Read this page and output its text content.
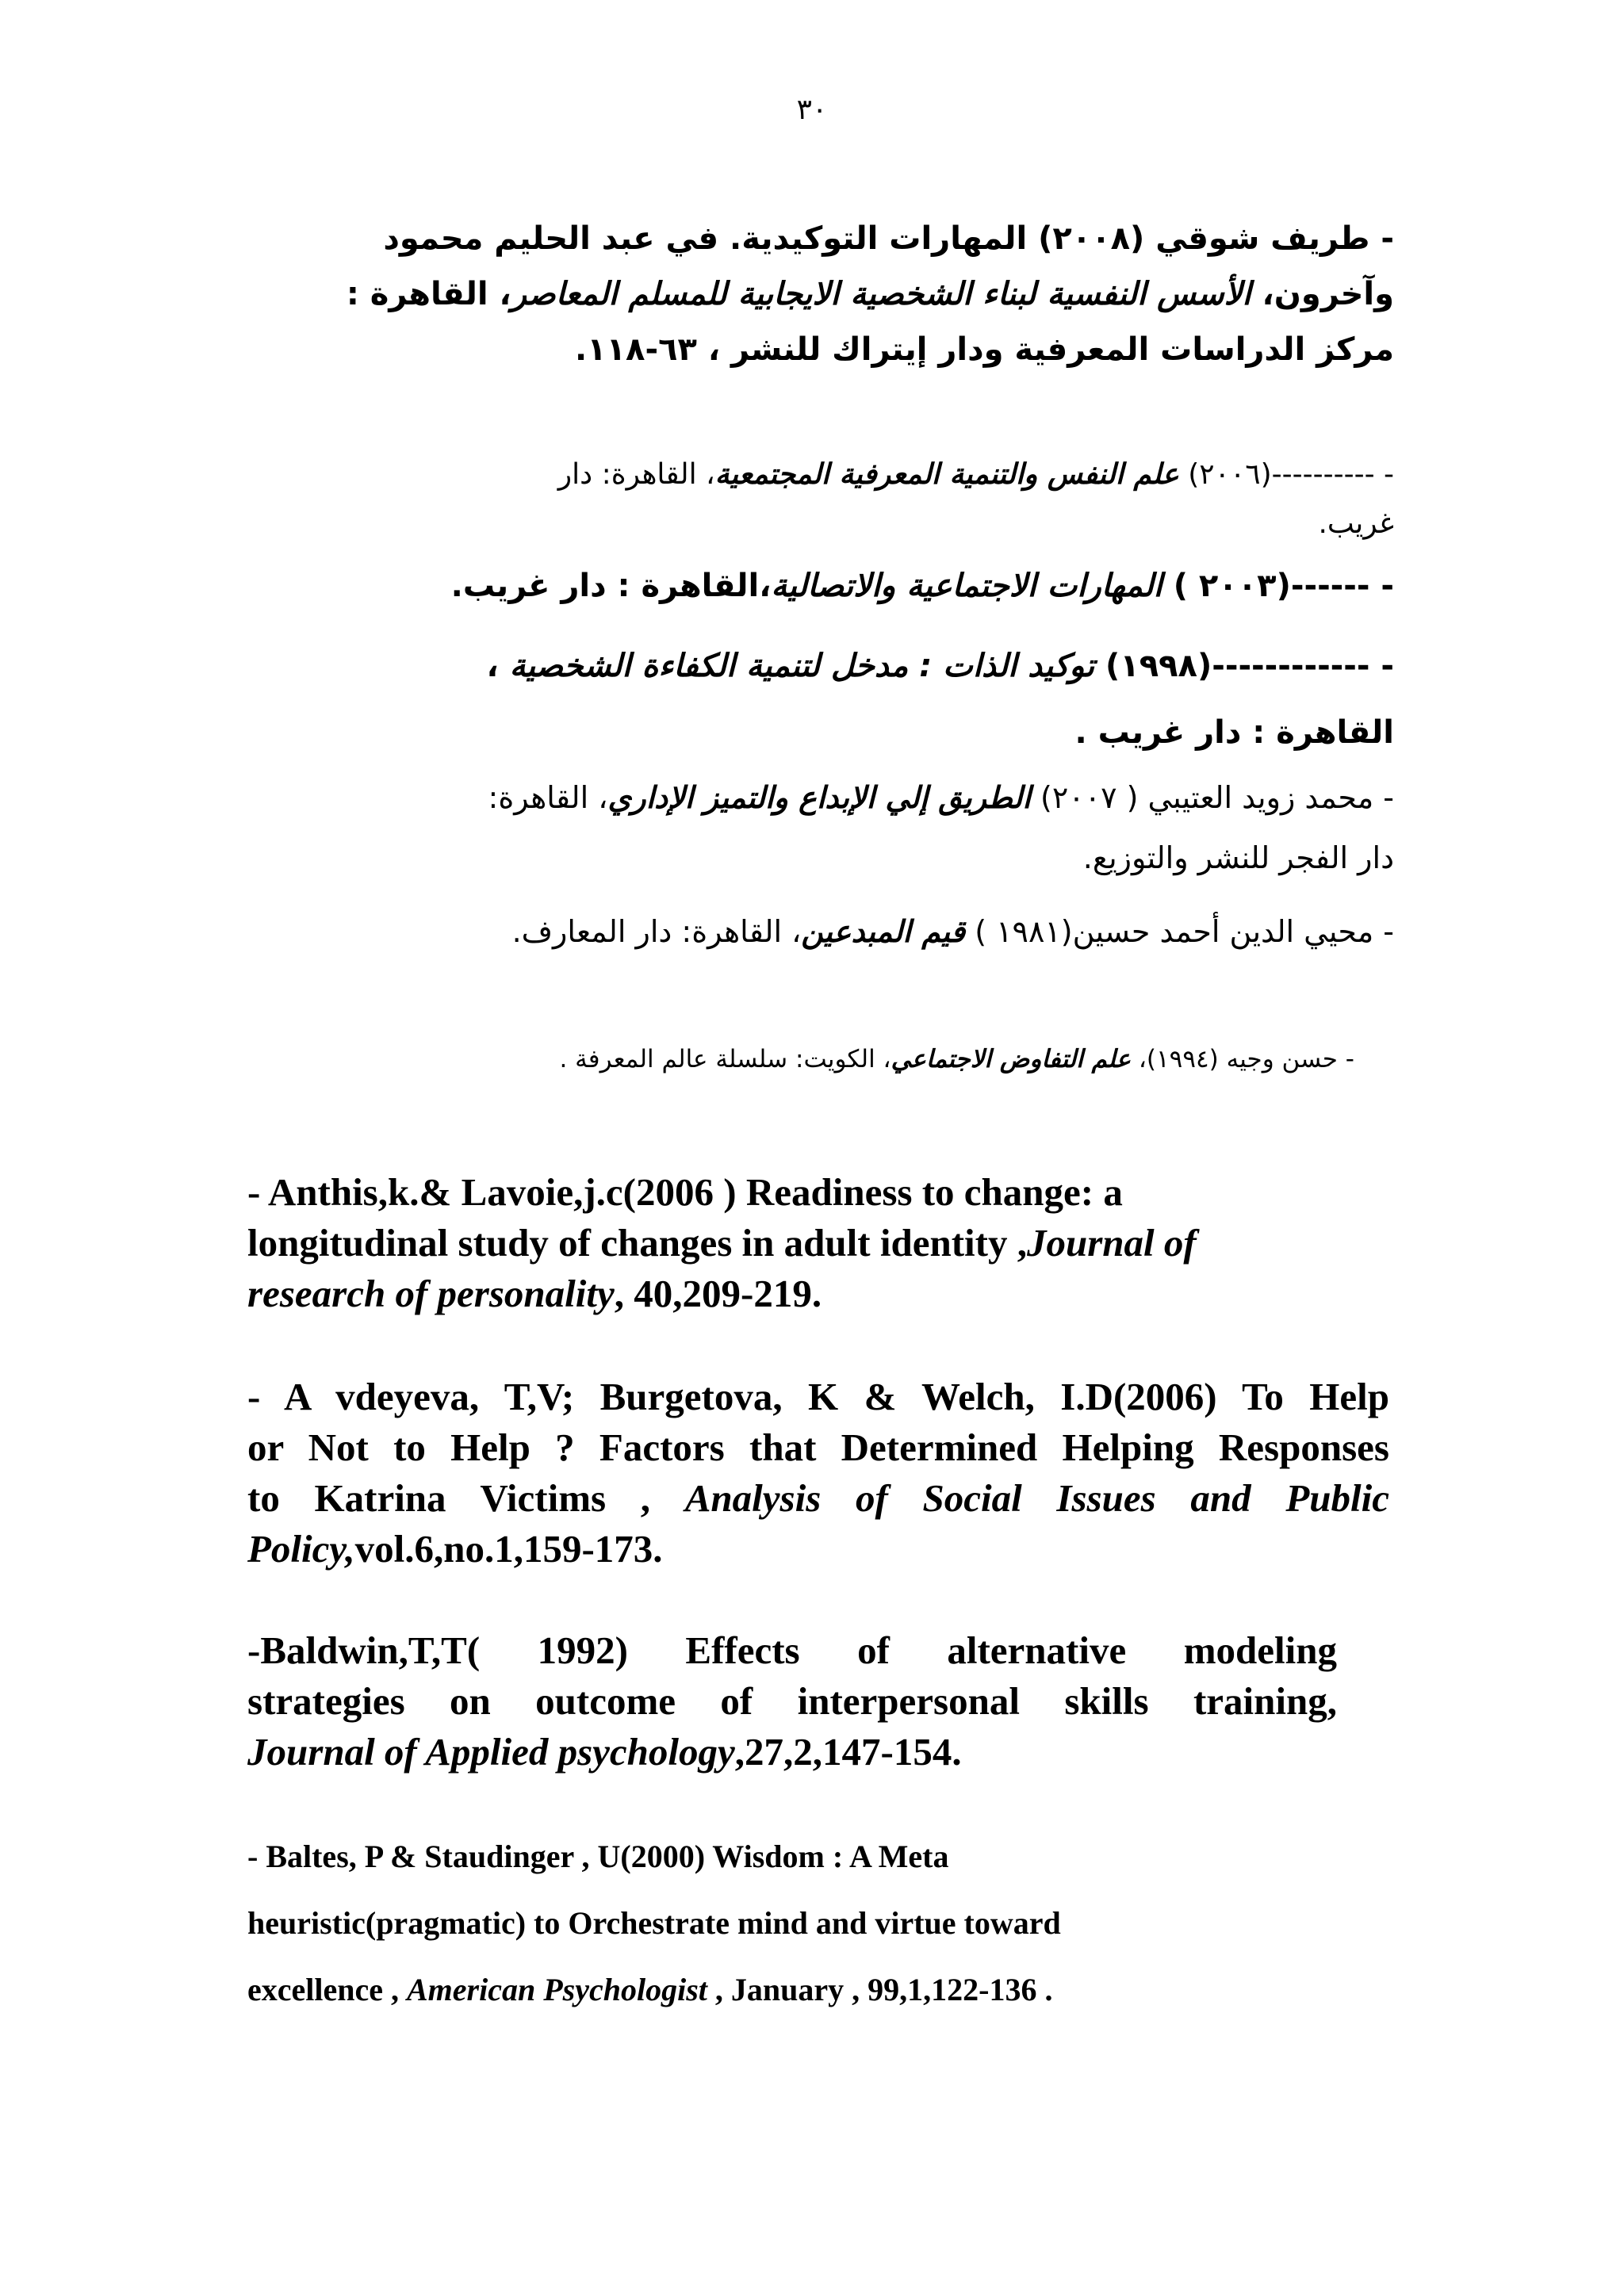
٣٠
- طريف شوقي (٢٠٠٨) المهارات التوكيدية. في عبد الحليم محمود
وآخرون، الأسس النفسية لبناء الشخصية الايجابية للمسلم المعاصر، القاهرة :
مركز الدراسات المعرفية ودار إيتراك للنشر ، ٦٣-١١٨.
- ----------(٢٠٠٦) علم النفس والتنمية المعرفية المجتمعية، القاهرة: دار
غريب.
- ------(٢٠٠٣ ) المهارات الاجتماعية والاتصالية،القاهرة : دار غريب.
- ------------(١٩٩٨) توكيد الذات : مدخل لتنمية الكفاءة الشخصية ،
القاهرة : دار غريب .
- محمد زويد العتيبي ( ٢٠٠٧) الطريق إلي الإبداع والتميز الإداري، القاهرة:
دار الفجر للنشر والتوزيع.
- محيي الدين أحمد حسين(١٩٨١ ) قيم المبدعين، القاهرة: دار المعارف.
- حسن وجيه (١٩٩٤)، علم التفاوض الاجتماعي، الكويت: سلسلة عالم المعرفة .
- Anthis,k.& Lavoie,j.c(2006 ) Readiness to change: a
longitudinal study of changes in adult identity ,Journal of
research of personality, 40,209-219.
- A vdeyeva, T,V; Burgetova, K & Welch, I.D(2006) To Help
or Not to Help ? Factors that Determined Helping Responses
to Katrina Victims , Analysis of Social Issues and Public
Policy,vol.6,no.1,159-173.
-Baldwin,T,T( 1992) Effects of alternative modeling
strategies on outcome of interpersonal skills training,
Journal of Applied psychology,27,2,147-154.
- Baltes, P & Staudinger , U(2000) Wisdom : A Meta
heuristic(pragmatic) to Orchestrate mind and virtue toward
excellence , American Psychologist , January , 99,1,122-136 .
